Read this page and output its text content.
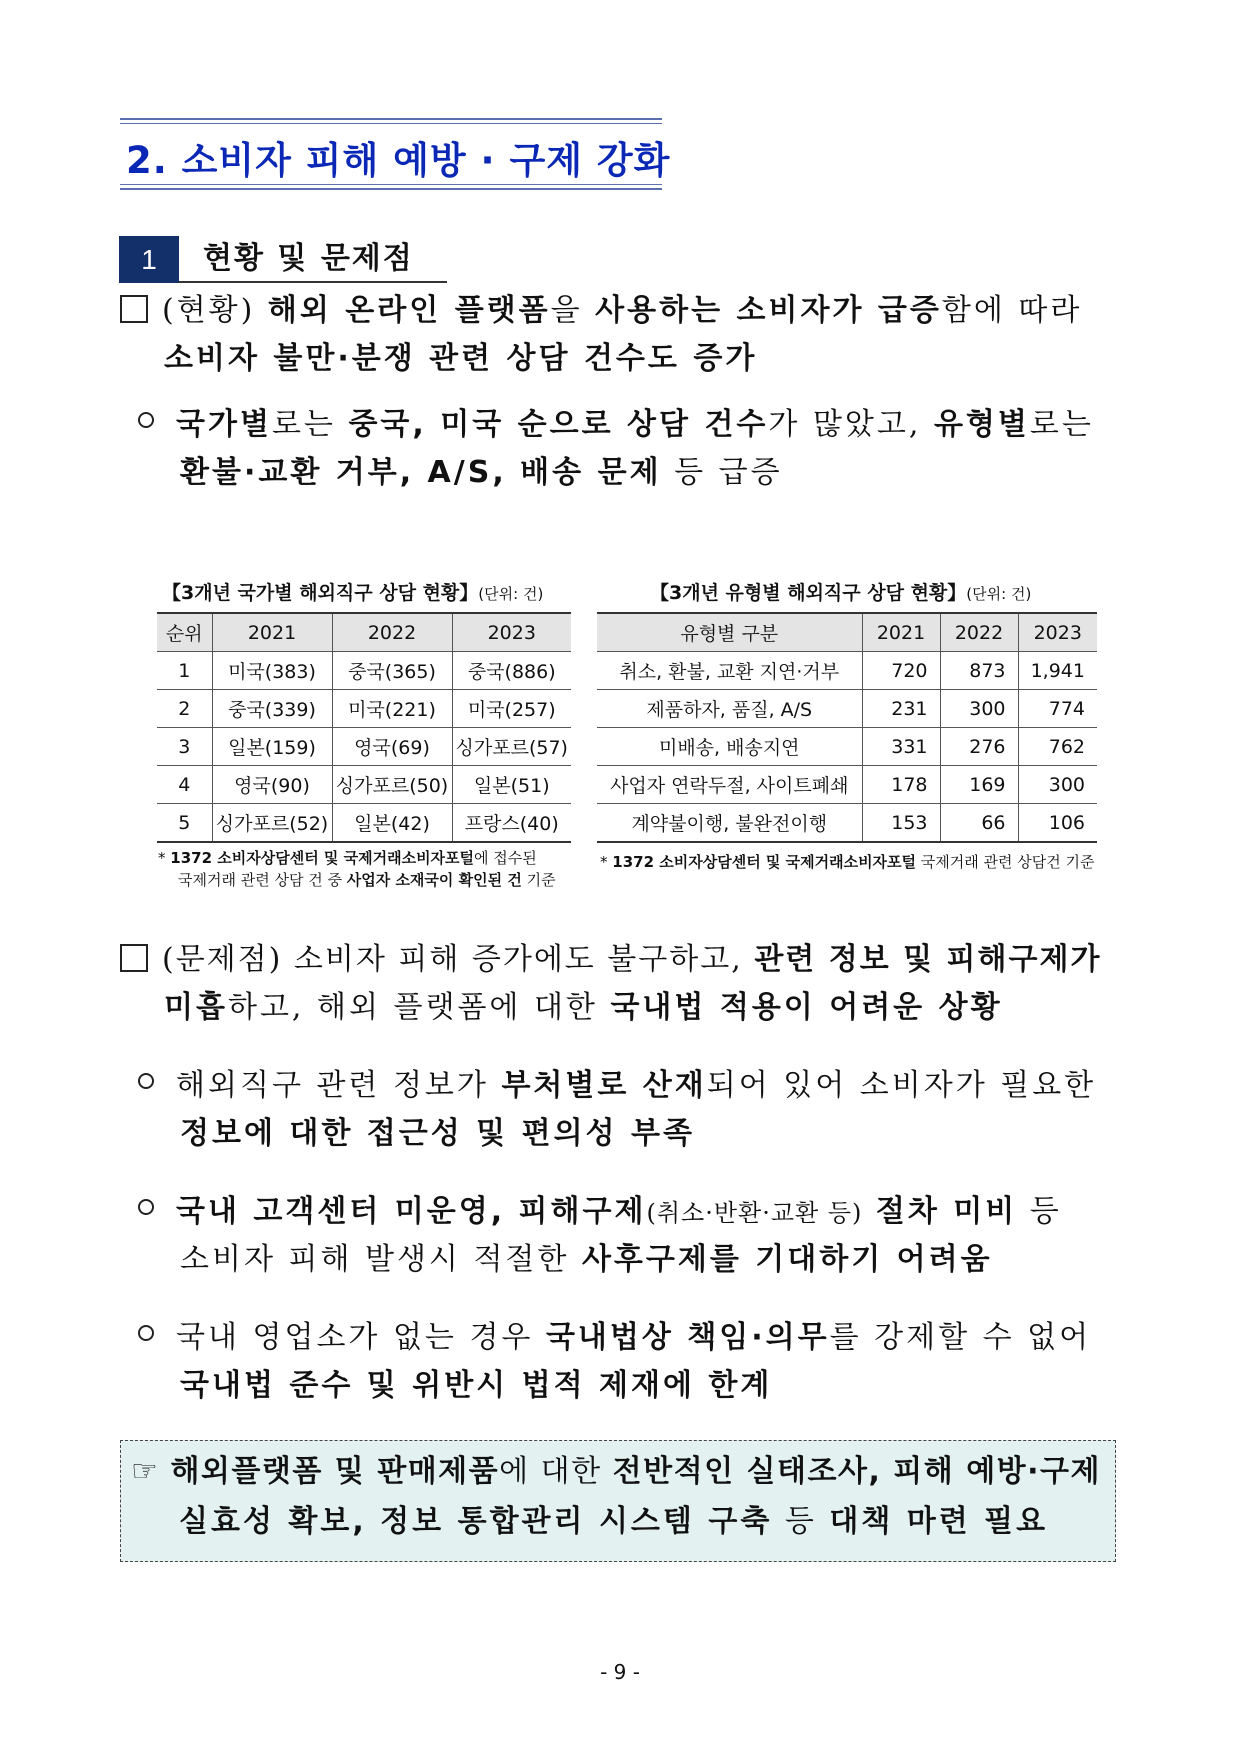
2. 소비자 피해 예방 · 구제 강화
1	현황 및 문제점
(현황) 해외 온라인 플랫폼을 사용하는 소비자가 급증함에 따라
소비자 불만·분쟁 관련 상담 건수도 증가
국가별로는 중국, 미국 순으로 상담 건수가 많았고, 유형별로는
환불·교환 거부, A/S, 배송 문제 등 급증
【3개년 국가별 해외직구 상담 현황】(단위: 건)
순위	2021	2022	2023
1	미국(383)	중국(365)	중국(886)
2	중국(339)	미국(221)	미국(257)
3	일본(159)	영국(69)	싱가포르(57)
4	영국(90)	싱가포르(50)	일본(51)
5	싱가포르(52)	일본(42)	프랑스(40)
* 1372 소비자상담센터 및 국제거래소비자포털에 접수된
국제거래 관련 상담 건 중 사업자 소재국이 확인된 건 기준
【3개년 유형별 해외직구 상담 현황】(단위: 건)
유형별 구분	2021	2022	2023
취소, 환불, 교환 지연·거부	720	873	1,941
제품하자, 품질, A/S	231	300	774
미배송, 배송지연	331	276	762
사업자 연락두절, 사이트폐쇄	178	169	300
계약불이행, 불완전이행	153	66	106
* 1372 소비자상담센터 및 국제거래소비자포털 국제거래 관련 상담건 기준
(문제점) 소비자 피해 증가에도 불구하고, 관련 정보 및 피해구제가
미흡하고, 해외 플랫폼에 대한 국내법 적용이 어려운 상황
해외직구 관련 정보가 부처별로 산재되어 있어 소비자가 필요한
정보에 대한 접근성 및 편의성 부족
국내 고객센터 미운영, 피해구제(취소·반환·교환 등) 절차 미비 등
소비자 피해 발생시 적절한 사후구제를 기대하기 어려움
국내 영업소가 없는 경우 국내법상 책임·의무를 강제할 수 없어
국내법 준수 및 위반시 법적 제재에 한계
☞ 해외플랫폼 및 판매제품에 대한 전반적인 실태조사, 피해 예방·구제
실효성 확보, 정보 통합관리 시스템 구축 등 대책 마련 필요
- 9 -
